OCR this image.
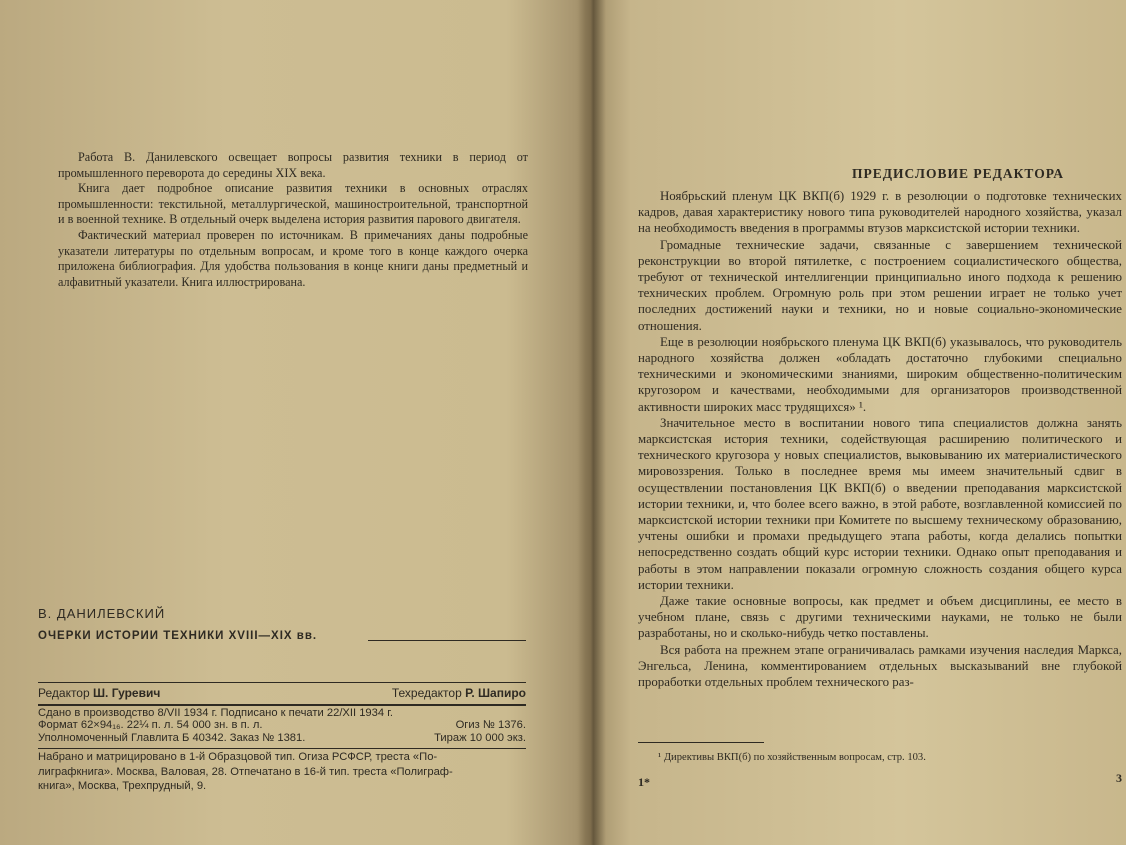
Работа В. Данилевского освещает вопросы развития техники в период от промышленного переворота до середины XIX века.

Книга дает подробное описание развития техники в основных отраслях промышленности: текстильной, металлургической, машиностроительной, транспортной и в военной технике. В отдельный очерк выделена история развития парового двигателя.

Фактический материал проверен по источникам. В примечаниях даны подробные указатели литературы по отдельным вопросам, и кроме того в конце каждого очерка приложена библиография. Для удобства пользования в конце книги даны предметный и алфавитный указатели. Книга иллюстрирована.

В. ДАНИЛЕВСКИЙ
ОЧЕРКИ ИСТОРИИ ТЕХНИКИ XVIII—XIX вв.
Редактор Ш. Гуревич	Техредактор Р. Шапиро
Сдано в производство 8/VII 1934 г. Подписано к печати 22/XII 1934 г.
Формат 62×94₁₆. 22¼ п. л. 54 000 зн. в п. л.	Огиз № 1376.
Уполномоченный Главлита Б 40342. Заказ № 1381.	Тираж 10 000 экз.

Набрано и матрицировано в 1-й Образцовой тип. Огиза РСФСР, треста «По-

лиграфкнига». Москва, Валовая, 28. Отпечатано в 16-й тип. треста «Полиграф-

книга», Москва, Трехпрудный, 9.

ПРЕДИСЛОВИЕ РЕДАКТОРА

Ноябрьский пленум ЦК ВКП(б) 1929 г. в резолюции о подготовке технических кадров, давая характеристику нового типа руководителей народного хозяйства, указал на необходимость введения в программы втузов марксистской истории техники.

Громадные технические задачи, связанные с завершением технической реконструкции во второй пятилетке, с построением социалистического общества, требуют от технической интеллигенции принципиально иного подхода к решению технических проблем. Огромную роль при этом решении играет не только учет последних достижений науки и техники, но и новые социально-экономические отношения.

Еще в резолюции ноябрьского пленума ЦК ВКП(б) указывалось, что руководитель народного хозяйства должен «обладать достаточно глубокими специально техническими и экономическими знаниями, широким общественно-политическим кругозором и качествами, необходимыми для организаторов производственной активности широких масс трудящихся» ¹.

Значительное место в воспитании нового типа специалистов должна занять марксистская история техники, содействующая расширению политического и технического кругозора у новых специалистов, выковыванию их материалистического мировоззрения. Только в последнее время мы имеем значительный сдвиг в осуществлении постановления ЦК ВКП(б) о введении преподавания марксистской истории техники, и, что более всего важно, в этой работе, возглавленной комиссией по марксистской истории техники при Комитете по высшему техническому образованию, учтены ошибки и промахи предыдущего этапа работы, когда делались попытки непосредственно создать общий курс истории техники. Однако опыт преподавания и работы в этом направлении показали огромную сложность создания общего курса истории техники.

Даже такие основные вопросы, как предмет и объем дисциплины, ее место в учебном плане, связь с другими техническими науками, не только не были разработаны, но и сколько-нибудь четко поставлены.

Вся работа на прежнем этапе ограничивалась рамками изучения наследия Маркса, Энгельса, Ленина, комментированием отдельных высказываний вне глубокой проработки отдельных проблем технического раз-

¹ Директивы ВКП(б) по хозяйственным вопросам, стр. 103.
1*	3
